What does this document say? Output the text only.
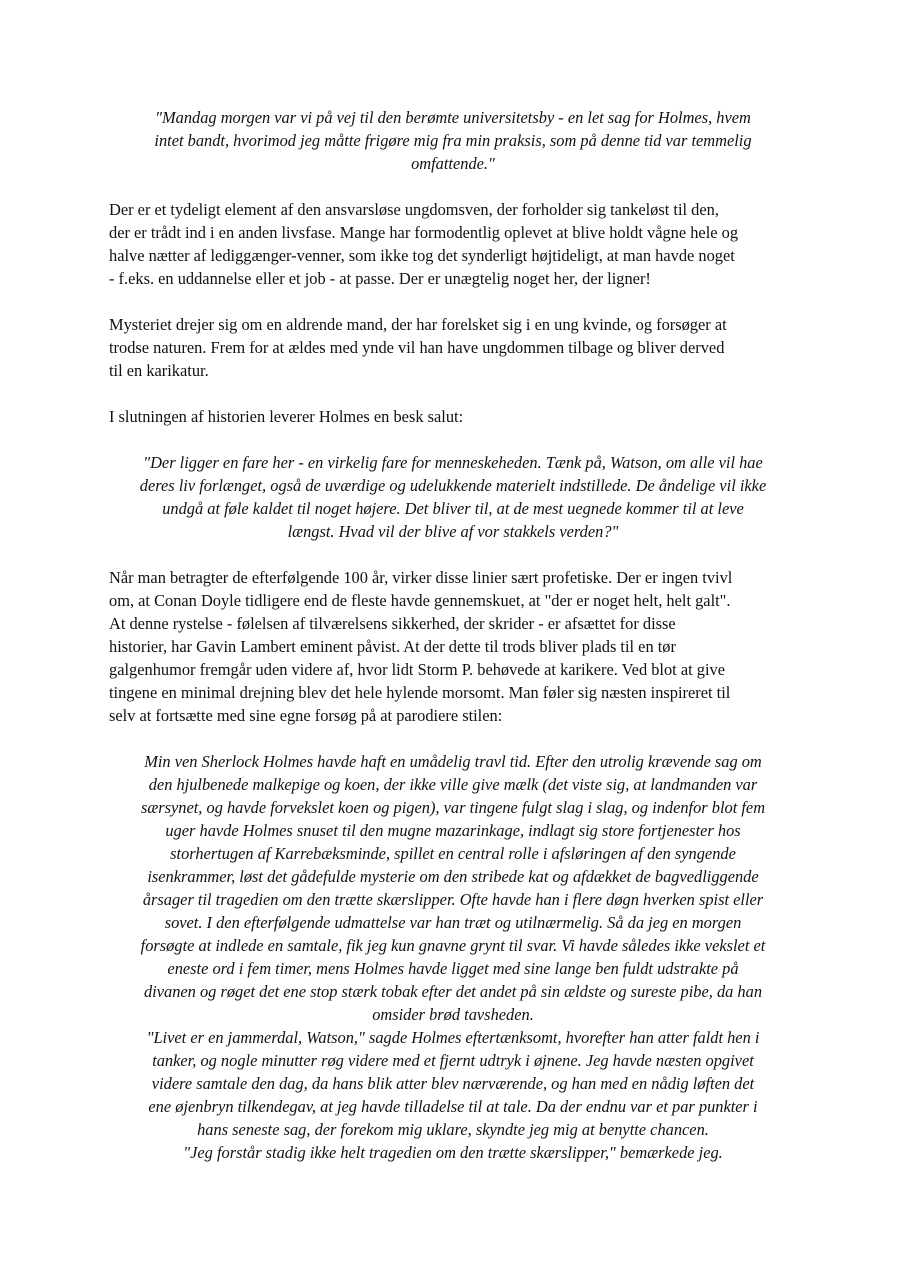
"Mandag morgen var vi på vej til den berømte universitetsby - en let sag for Holmes, hvem
intet bandt, hvorimod jeg måtte frigøre mig fra min praksis, som på denne tid var temmelig
omfattende."

Der er et tydeligt element af den ansvarsløse ungdomsven, der forholder sig tankeløst til den,
der er trådt ind i en anden livsfase. Mange har formodentlig oplevet at blive holdt vågne hele og
halve nætter af lediggænger-venner, som ikke tog det synderligt højtideligt, at man havde noget
- f.eks. en uddannelse eller et job - at passe. Der er unægtelig noget her, der ligner!

Mysteriet drejer sig om en aldrende mand, der har forelsket sig i en ung kvinde, og forsøger at
trodse naturen. Frem for at ældes med ynde vil han have ungdommen tilbage og bliver derved
til en karikatur.

I slutningen af historien leverer Holmes en besk salut:

"Der ligger en fare her - en virkelig fare for menneskeheden. Tænk på, Watson, om alle vil hae
deres liv forlænget, også de uværdige og udelukkende materielt indstillede. De åndelige vil ikke
undgå at føle kaldet til noget højere. Det bliver til, at de mest uegnede kommer til at leve
længst. Hvad vil der blive af vor stakkels verden?"

Når man betragter de efterfølgende 100 år, virker disse linier sært profetiske. Der er ingen tvivl
om, at Conan Doyle tidligere end de fleste havde gennemskuet, at "der er noget helt, helt galt".
At denne rystelse - følelsen af tilværelsens sikkerhed, der skrider - er afsættet for disse
historier, har Gavin Lambert eminent påvist. At der dette til trods bliver plads til en tør
galgenhumor fremgår uden videre af, hvor lidt Storm P. behøvede at karikere. Ved blot at give
tingene en minimal drejning blev det hele hylende morsomt. Man føler sig næsten inspireret til
selv at fortsætte med sine egne forsøg på at parodiere stilen:

Min ven Sherlock Holmes havde haft en umådelig travl tid. Efter den utrolig krævende sag om
den hjulbenede malkepige og koen, der ikke ville give mælk (det viste sig, at landmanden var
særsynet, og havde forvekslet koen og pigen), var tingene fulgt slag i slag, og indenfor blot fem
uger havde Holmes snuset til den mugne mazarinkage, indlagt sig store fortjenester hos
storhertugen af Karrebæksminde, spillet en central rolle i afsløringen af den syngende
isenkrammer, løst det gådefulde mysterie om den stribede kat og afdækket de bagvedliggende
årsager til tragedien om den trætte skærslipper. Ofte havde han i flere døgn hverken spist eller
sovet. I den efterfølgende udmattelse var han træt og utilnærmelig. Så da jeg en morgen
forsøgte at indlede en samtale, fik jeg kun gnavne grynt til svar. Vi havde således ikke vekslet et
eneste ord i fem timer, mens Holmes havde ligget med sine lange ben fuldt udstrakte på
divanen og røget det ene stop stærk tobak efter det andet på sin ældste og sureste pibe, da han
omsider brød tavsheden.

"Livet er en jammerdal, Watson," sagde Holmes eftertænksomt, hvorefter han atter faldt hen i
tanker, og nogle minutter røg videre med et fjernt udtryk i øjnene. Jeg havde næsten opgivet
videre samtale den dag, da hans blik atter blev nærværende, og han med en nådig løften det
ene øjenbryn tilkendegav, at jeg havde tilladelse til at tale. Da der endnu var et par punkter i
hans seneste sag, der forekom mig uklare, skyndte jeg mig at benytte chancen.

"Jeg forstår stadig ikke helt tragedien om den trætte skærslipper," bemærkede jeg.
